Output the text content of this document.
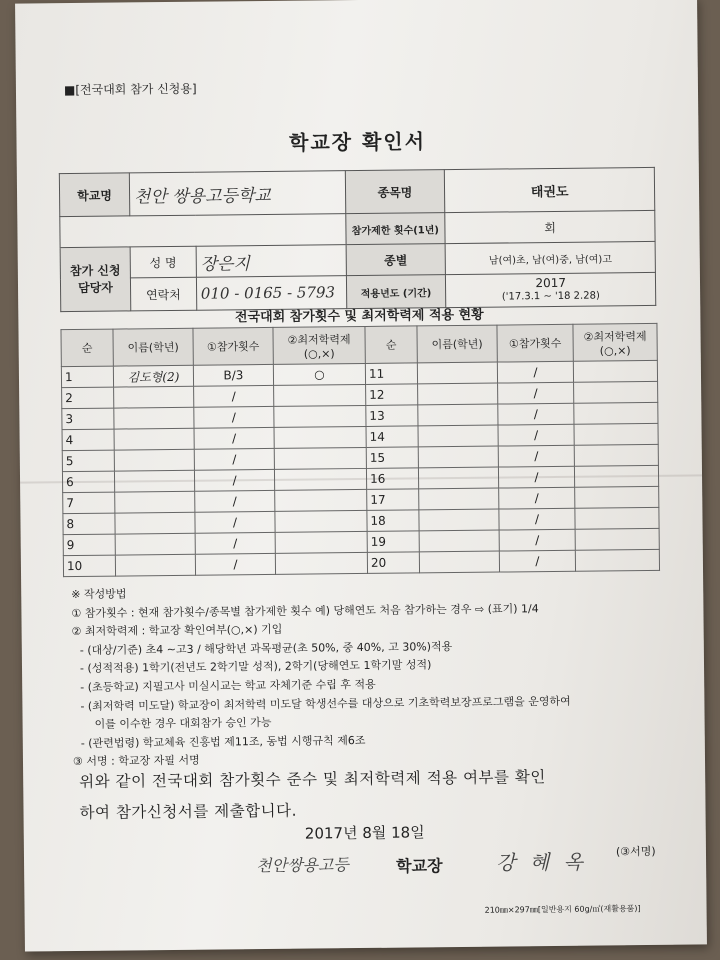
■[전국대회 참가 신청용]
학교장 확인서
학교명	천안 쌍용고등학교		종목명	태권도
			참가제한 횟수(1년)	회
참가 신청 담당자	성 명	장은지	종별	남(여)초, 남(여)중, 남(여)고
	연락처	010 - 0165 - 5793	적용년도 (기간)	2017
('17.3.1 ~ '18 2.28)
전국대회 참가횟수 및 최저학력제 적용 현황
순	이름(학년)	①참가횟수	②최저학력제 (○,×)	순	이름(학년)	①참가횟수	②최저학력제 (○,×)
1	김도형(2)	B/3	○	11		/	
2		/		12		/	
3		/		13		/	
4		/		14		/	
5		/		15		/	
6		/		16		/	
7		/		17		/	
8		/		18		/	
9		/		19		/	
10		/		20		/	
※ 작성방법
① 참가횟수 : 현재 참가횟수/종목별 참가제한 횟수 예) 당해연도 처음 참가하는 경우 ⇨ (표기) 1/4
② 최저학력제 : 학교장 확인여부(○,×) 기입
- (대상/기준) 초4 ~고3 / 해당학년 과목평균(초 50%, 중 40%, 고 30%)적용
- (성적적용) 1학기(전년도 2학기말 성적), 2학기(당해연도 1학기말 성적)
- (초등학교) 지필고사 미실시교는 학교 자체기준 수립 후 적용
- (최저학력 미도달) 학교장이 최저학력 미도달 학생선수를 대상으로 기초학력보장프로그램을 운영하여
이를 이수한 경우 대회참가 승인 가능
- (관련법령) 학교체육 진흥법 제11조, 동법 시행규칙 제6조
③ 서명 : 학교장 자필 서명
위와 같이 전국대회 참가횟수 준수 및 최저학력제 적용 여부를 확인
하여 참가신청서를 제출합니다.
2017년 8월 18일
천안쌍용고등	학교장	강 혜 옥	(③서명)
210㎜×297㎜[일반용지 60g/㎡(재활용품)]
